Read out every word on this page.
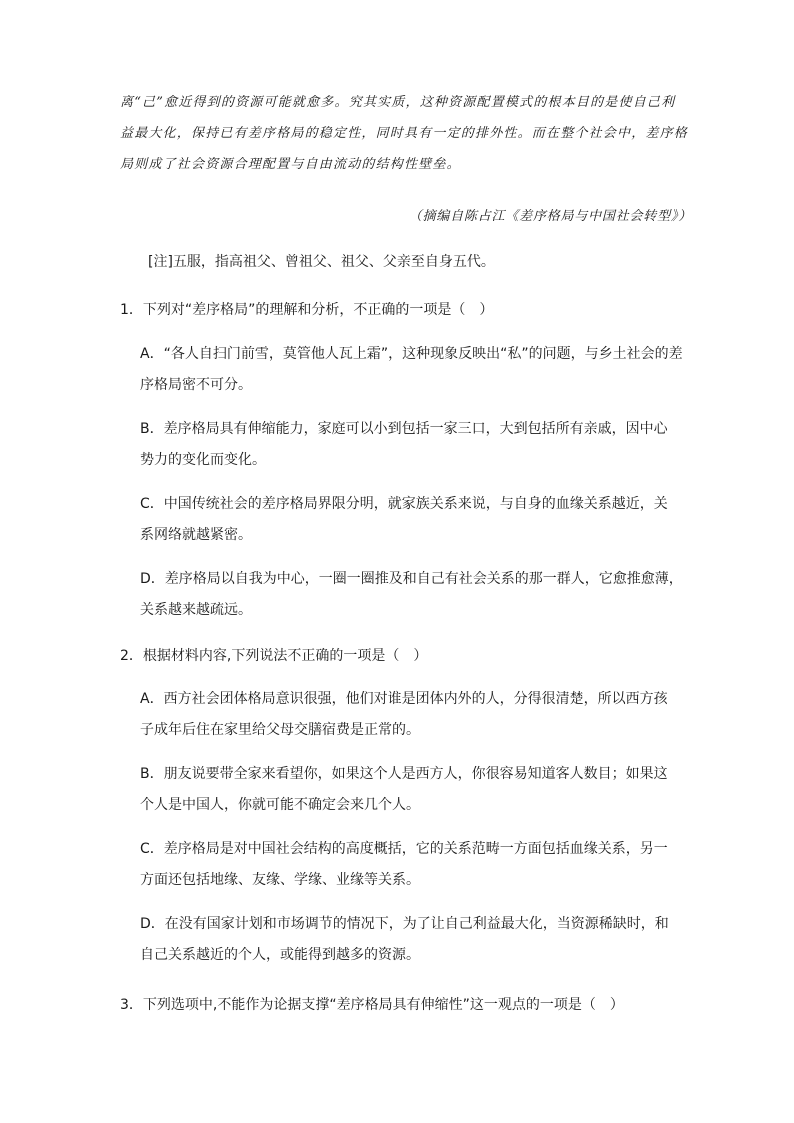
离“己”愈近得到的资源可能就愈多。究其实质，这种资源配置模式的根本目的是使自己利
益最大化，保持已有差序格局的稳定性，同时具有一定的排外性。而在整个社会中，差序格
局则成了社会资源合理配置与自由流动的结构性壁垒。
（摘编自陈占江《差序格局与中国社会转型》）
[注]五服，指高祖父、曾祖父、祖父、父亲至自身五代。
1．下列对“差序格局”的理解和分析，不正确的一项是（　）
A．“各人自扫门前雪，莫管他人瓦上霜”，这种现象反映出“私”的问题，与乡土社会的差
序格局密不可分。
B．差序格局具有伸缩能力，家庭可以小到包括一家三口，大到包括所有亲戚，因中心
势力的变化而变化。
C．中国传统社会的差序格局界限分明，就家族关系来说，与自身的血缘关系越近，关
系网络就越紧密。
D．差序格局以自我为中心，一圈一圈推及和自己有社会关系的那一群人，它愈推愈薄，
关系越来越疏远。
2．根据材料内容,下列说法不正确的一项是（　）
A．西方社会团体格局意识很强，他们对谁是团体内外的人，分得很清楚，所以西方孩
子成年后住在家里给父母交膳宿费是正常的。
B．朋友说要带全家来看望你，如果这个人是西方人，你很容易知道客人数目；如果这
个人是中国人，你就可能不确定会来几个人。
C．差序格局是对中国社会结构的高度概括，它的关系范畴一方面包括血缘关系，另一
方面还包括地缘、友缘、学缘、业缘等关系。
D．在没有国家计划和市场调节的情况下，为了让自己利益最大化，当资源稀缺时，和
自己关系越近的个人，或能得到越多的资源。
3．下列选项中,不能作为论据支撑“差序格局具有伸缩性”这一观点的一项是（　）
